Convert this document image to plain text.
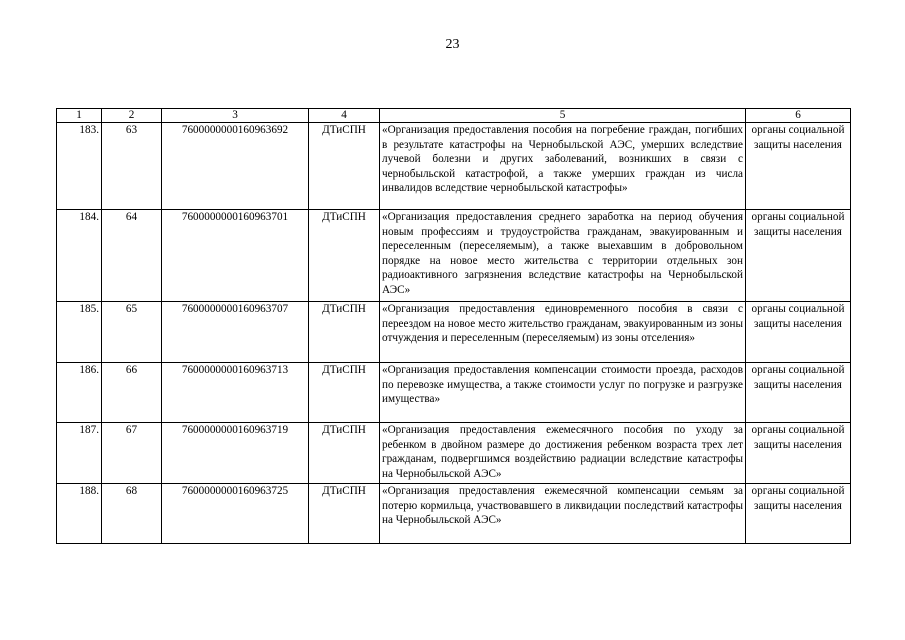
23
1	2	3	4	5	6
183.	63	7600000000160963692	ДТиСПН	«Организация предоставления пособия на погребение граждан, погибших в результате катастрофы на Чернобыльской АЭС, умерших вследствие лучевой болезни и других заболеваний, возникших в связи с чернобыльской катастрофой, а также умерших граждан из числа инвалидов вследствие чернобыльской катастрофы»	органы социальной защиты населения
184.	64	7600000000160963701	ДТиСПН	«Организация предоставления среднего заработка на период обучения новым профессиям и трудоустройства гражданам, эвакуированным и переселенным (переселяемым), а также выехавшим в добровольном порядке на новое место жительства с территории отдельных зон радиоактивного загрязнения вследствие катастрофы на Чернобыльской АЭС»	органы социальной защиты населения
185.	65	7600000000160963707	ДТиСПН	«Организация предоставления единовременного пособия в связи с переездом на новое место жительство гражданам, эвакуированным из зоны отчуждения и переселенным (переселяемым) из зоны отселения»	органы социальной защиты населения
186.	66	7600000000160963713	ДТиСПН	«Организация предоставления компенсации стоимости проезда, расходов по перевозке имущества, а также стоимости услуг по погрузке и разгрузке имущества»	органы социальной защиты населения
187.	67	7600000000160963719	ДТиСПН	«Организация предоставления ежемесячного пособия по уходу за ребенком в двойном размере до достижения ребенком возраста трех лет гражданам, подвергшимся воздействию радиации вследствие катастрофы на Чернобыльской АЭС»	органы социальной защиты населения
188.	68	7600000000160963725	ДТиСПН	«Организация предоставления ежемесячной компенсации семьям за потерю кормильца, участвовавшего в ликвидации последствий катастрофы на Чернобыльской АЭС»	органы социальной защиты населения
